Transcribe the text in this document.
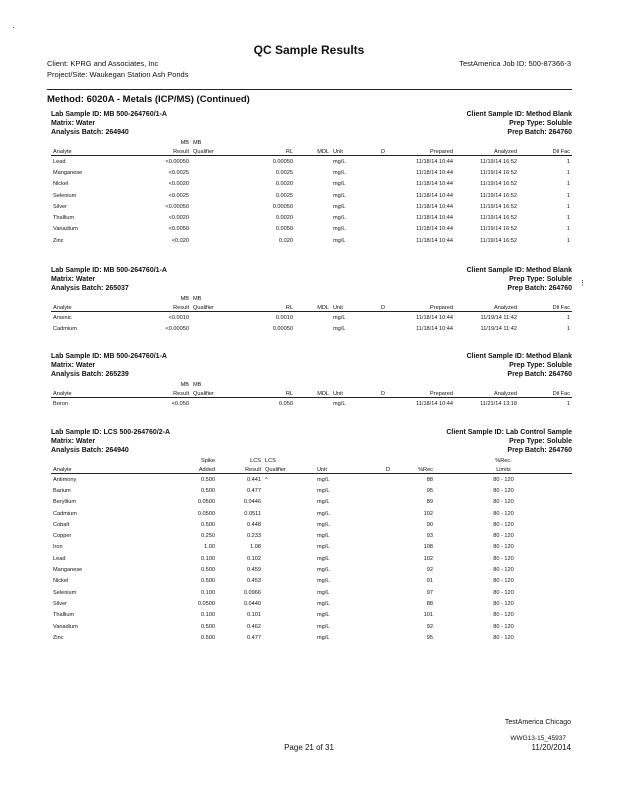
QC Sample Results
Client: KPRG and Associates, Inc
Project/Site: Waukegan Station Ash Ponds
TestAmerica Job ID: 500-87366-3
Method: 6020A - Metals (ICP/MS) (Continued)
Lab Sample ID: MB 500-264760/1-A	Client Sample ID: Method Blank
Matrix: Water	Prep Type: Soluble
Analysis Batch: 264940	Prep Batch: 264760
	MB	MB							
Analyte	Result	Qualifier	RL	MDL	Unit	D	Prepared	Analyzed	Dil Fac
Lead	<0.00050		0.00050		mg/L		11/18/14 10:44	11/19/14 16:52	1
Manganese	<0.0025		0.0025		mg/L		11/18/14 10:44	11/19/14 16:52	1
Nickel	<0.0020		0.0020		mg/L		11/18/14 10:44	11/19/14 16:52	1
Selenium	<0.0025		0.0025		mg/L		11/18/14 10:44	11/19/14 16:52	1
Silver	<0.00050		0.00050		mg/L		11/18/14 10:44	11/19/14 16:52	1
Thallium	<0.0020		0.0020		mg/L		11/18/14 10:44	11/19/14 16:52	1
Vanadium	<0.0050		0.0050		mg/L		11/18/14 10:44	11/19/14 16:52	1
Zinc	<0.020		0.020		mg/L		11/18/14 10:44	11/19/14 16:52	1
Lab Sample ID: MB 500-264760/1-A	Client Sample ID: Method Blank
Matrix: Water	Prep Type: Soluble
Analysis Batch: 265037	Prep Batch: 264760
	MB	MB							
Analyte	Result	Qualifier	RL	MDL	Unit	D	Prepared	Analyzed	Dil Fac
Arsenic	<0.0010		0.0010		mg/L		11/18/14 10:44	11/19/14 11:42	1
Cadmium	<0.00050		0.00050		mg/L		11/18/14 10:44	11/19/14 11:42	1
Lab Sample ID: MB 500-264760/1-A	Client Sample ID: Method Blank
Matrix: Water	Prep Type: Soluble
Analysis Batch: 265239	Prep Batch: 264760
	MB	MB							
Analyte	Result	Qualifier	RL	MDL	Unit	D	Prepared	Analyzed	Dil Fac
Boron	<0.050		0.050		mg/L		11/18/14 10:44	11/21/14 13:18	1
Lab Sample ID: LCS 500-264760/2-A	Client Sample ID: Lab Control Sample
Matrix: Water	Prep Type: Soluble
Analysis Batch: 264940	Prep Batch: 264760
	Spike	LCS	LCS				%Rec.
Analyte	Added	Result	Qualifier	Unit	D	%Rec	Limits
Antimony	0.500	0.441	^	mg/L		88	80 - 120
Barium	0.500	0.477		mg/L		95	80 - 120
Beryllium	0.0500	0.0446		mg/L		89	80 - 120
Cadmium	0.0500	0.0511		mg/L		102	80 - 120
Cobalt	0.500	0.448		mg/L		90	80 - 120
Copper	0.250	0.233		mg/L		93	80 - 120
Iron	1.00	1.08		mg/L		108	80 - 120
Lead	0.100	0.102		mg/L		102	80 - 120
Manganese	0.500	0.459		mg/L		92	80 - 120
Nickel	0.500	0.453		mg/L		91	80 - 120
Selenium	0.100	0.0966		mg/L		97	80 - 120
Silver	0.0500	0.0440		mg/L		88	80 - 120
Thallium	0.100	0.101		mg/L		101	80 - 120
Vanadium	0.500	0.462		mg/L		92	80 - 120
Zinc	0.500	0.477		mg/L		95	80 - 120
⁝
·
TestAmerica Chicago
WWG13-15_45937
Page 21 of 31	11/20/2014
